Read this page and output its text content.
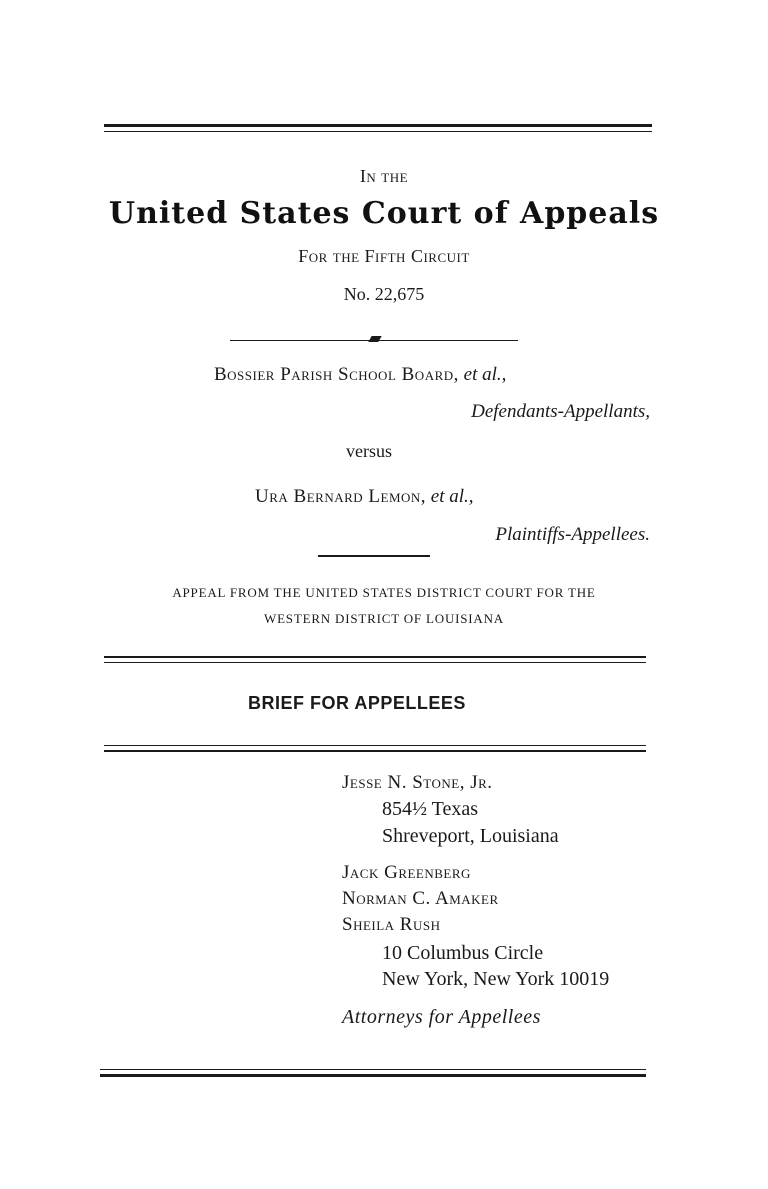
In the
United States Court of Appeals
For the Fifth Circuit
No. 22,675
Bossier Parish School Board, et al.,
Defendants-Appellants,
versus
Ura Bernard Lemon, et al.,
Plaintiffs-Appellees.
APPEAL FROM THE UNITED STATES DISTRICT COURT FOR THE
WESTERN DISTRICT OF LOUISIANA
BRIEF FOR APPELLEES
Jesse N. Stone, Jr.
854½ Texas
Shreveport, Louisiana
Jack Greenberg
Norman C. Amaker
Sheila Rush
10 Columbus Circle
New York, New York 10019
Attorneys for Appellees
